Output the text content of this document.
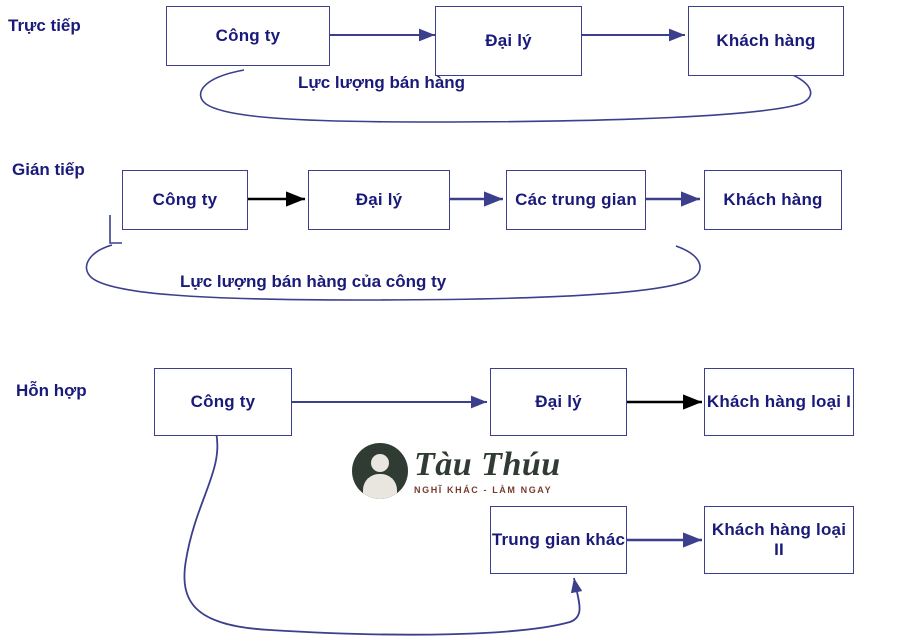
Trực tiếp
Công ty	Đại lý	Khách hàng
Lực lượng bán hàng
Gián tiếp
Công ty	Đại lý	Các trung gian	Khách hàng
Lực lượng bán hàng của công ty
Hỗn hợp
Công ty	Đại lý	Khách hàng loại I
Trung gian khác
Khách hàng loại II
Tàu Thúu
NGHĨ KHÁC - LÀM NGAY
